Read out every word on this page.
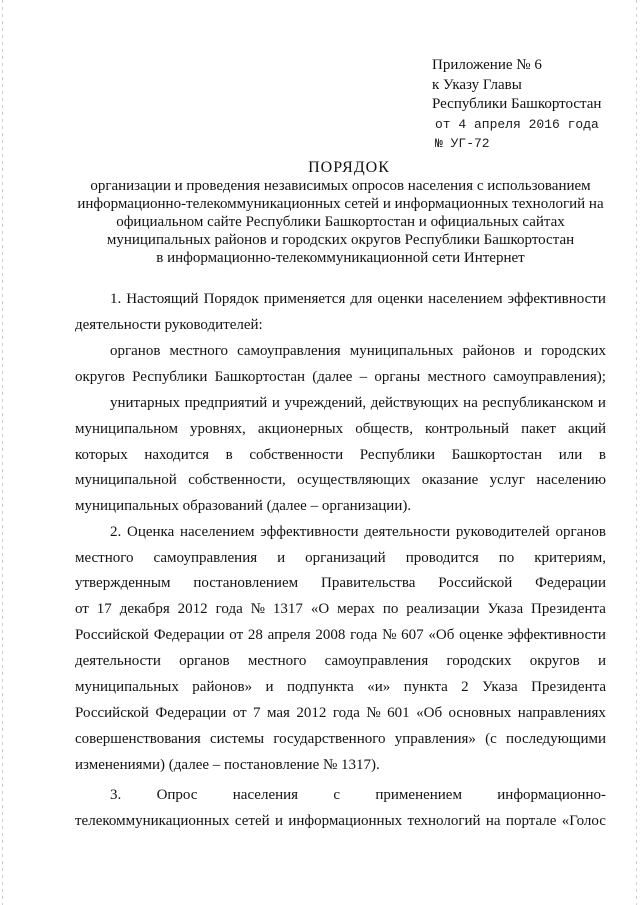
Приложение № 6
к Указу Главы
Республики Башкортостан
от 4 апреля 2016 года
№ УГ-72
ПОРЯДОК
организации и проведения независимых опросов населения с использованием
информационно-телекоммуникационных сетей и информационных технологий на
официальном сайте Республики Башкортостан и официальных сайтах
муниципальных районов и городских округов Республики Башкортостан
в информационно-телекоммуникационной сети Интернет
1. Настоящий Порядок применяется для оценки населением эффективности
деятельности руководителей:
органов местного самоуправления муниципальных районов и городских
округов Республики Башкортостан (далее – органы местного самоуправления);
унитарных предприятий и учреждений, действующих на республиканском и
муниципальном уровнях, акционерных обществ, контрольный пакет акций
которых находится в собственности Республики Башкортостан или в
муниципальной собственности, осуществляющих оказание услуг населению
муниципальных образований (далее – организации).
2. Оценка населением эффективности деятельности руководителей органов
местного самоуправления и организаций проводится по критериям,
утвержденным постановлением Правительства Российской Федерации
от 17 декабря 2012 года № 1317 «О мерах по реализации Указа Президента
Российской Федерации от 28 апреля 2008 года № 607 «Об оценке эффективности
деятельности органов местного самоуправления городских округов и
муниципальных районов» и подпункта «и» пункта 2 Указа Президента
Российской Федерации от 7 мая 2012 года № 601 «Об основных направлениях
совершенствования системы государственного управления» (с последующими
изменениями) (далее – постановление № 1317).
3. Опрос населения с применением информационно-
телекоммуникационных сетей и информационных технологий на портале «Голос
